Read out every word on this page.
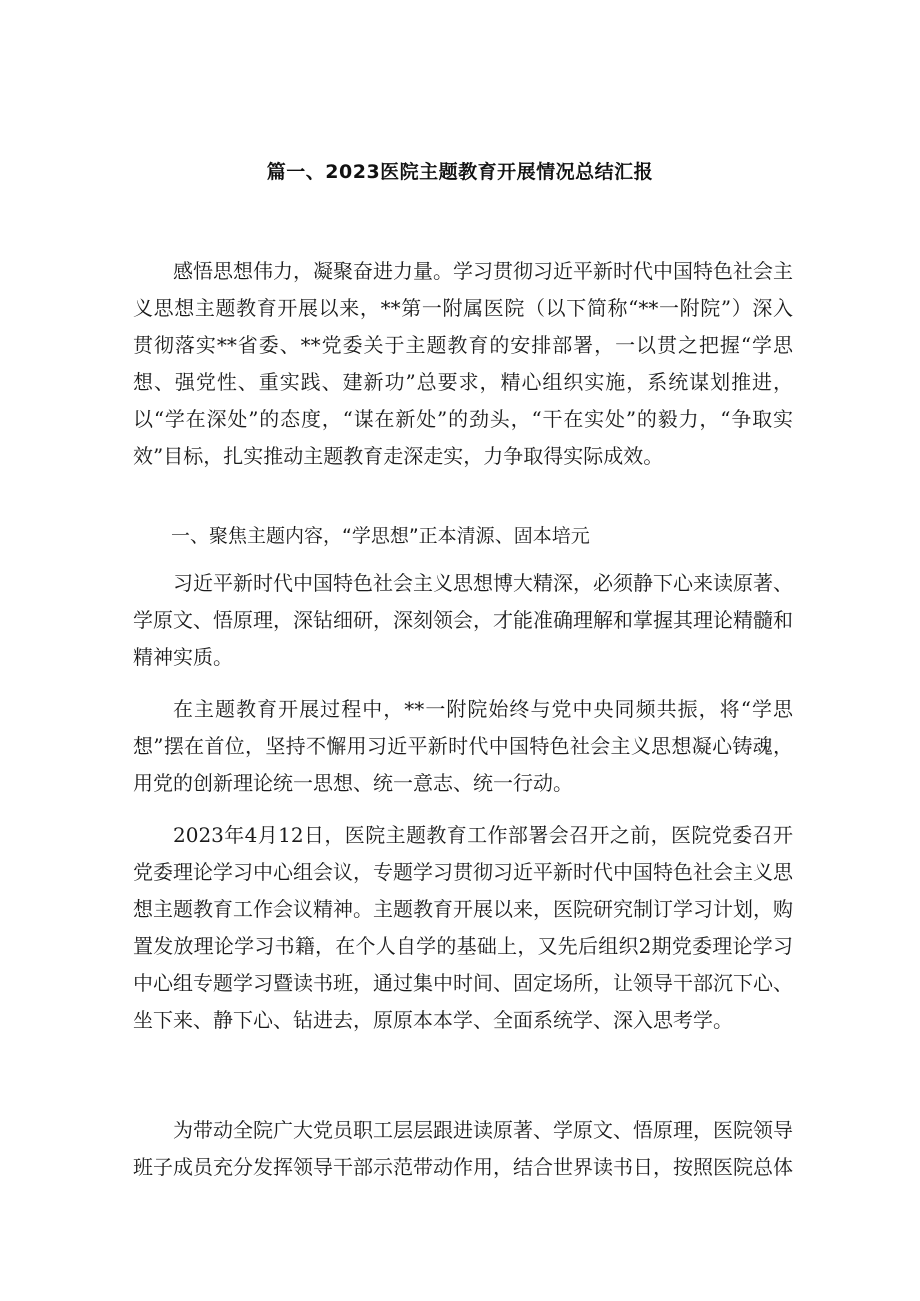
篇一、2023医院主题教育开展情况总结汇报

感悟思想伟力，凝聚奋进力量。学习贯彻习近平新时代中国特色社会主义思想主题教育开展以来，**第一附属医院（以下简称“**一附院”）深入贯彻落实**省委、**党委关于主题教育的安排部署，一以贯之把握“学思想、强党性、重实践、建新功”总要求，精心组织实施，系统谋划推进，以“学在深处”的态度，“谋在新处”的劲头，“干在实处”的毅力，“争取实效”目标，扎实推动主题教育走深走实，力争取得实际成效。

一、聚焦主题内容，“学思想”正本清源、固本培元

习近平新时代中国特色社会主义思想博大精深，必须静下心来读原著、学原文、悟原理，深钻细研，深刻领会，才能准确理解和掌握其理论精髓和精神实质。

在主题教育开展过程中，**一附院始终与党中央同频共振，将“学思想”摆在首位，坚持不懈用习近平新时代中国特色社会主义思想凝心铸魂，用党的创新理论统一思想、统一意志、统一行动。

2023年4月12日，医院主题教育工作部署会召开之前，医院党委召开党委理论学习中心组会议，专题学习贯彻习近平新时代中国特色社会主义思想主题教育工作会议精神。主题教育开展以来，医院研究制订学习计划，购置发放理论学习书籍，在个人自学的基础上，又先后组织2期党委理论学习中心组专题学习暨读书班，通过集中时间、固定场所，让领导干部沉下心、坐下来、静下心、钻进去，原原本本学、全面系统学、深入思考学。

为带动全院广大党员职工层层跟进读原著、学原文、悟原理，医院领导班子成员充分发挥领导干部示范带动作用，结合世界读书日，按照医院总体
